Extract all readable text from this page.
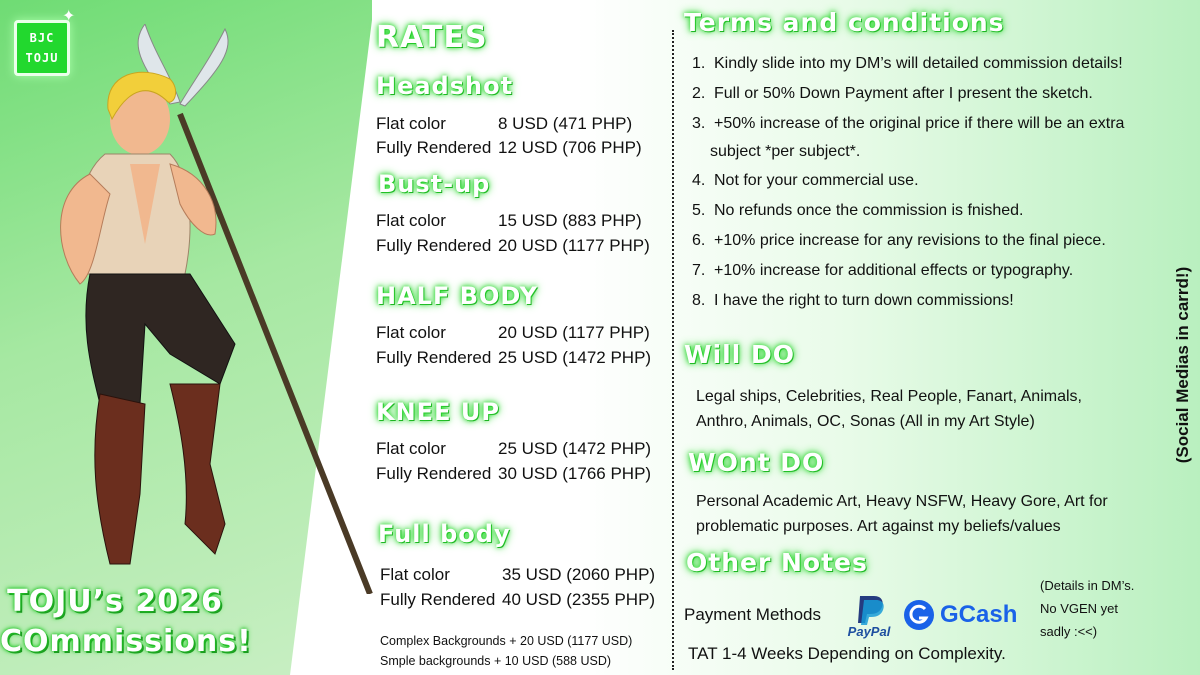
BJC
TOJU
✦
TOJU’s 2026
COmmissions!
RATES
Headshot
Flat color	8 USD (471 PHP)
Fully Rendered 12 USD (706 PHP)
Bust-up
Flat color	15 USD (883 PHP)
Fully Rendered 20 USD (1177 PHP)
HALF BODY
Flat color	20 USD (1177 PHP)
Fully Rendered 25 USD (1472 PHP)
KNEE UP
Flat color	25 USD (1472 PHP)
Fully Rendered 30 USD (1766 PHP)
Full body
Flat color	35 USD (2060 PHP)
Fully Rendered 40 USD (2355 PHP)
Complex Backgrounds + 20 USD (1177 USD)
Smple backgrounds + 10 USD (588 USD)
Terms and conditions
1. Kindly slide into my DM’s will detailed commission details!
2. Full or 50% Down Payment after I present the sketch.
3. +50% increase of the original price if there will be an extra
subject *per subject*.
4. Not for your commercial use.
5. No refunds once the commission is fnished.
6. +10% price increase for any revisions to the final piece.
7. +10% increase for additional effects or typography.
8. I have the right to turn down commissions!
Will DO
Legal ships, Celebrities, Real People, Fanart, Animals,
Anthro, Animals, OC, Sonas (All in my Art Style)
WOnt DO
Personal Academic Art, Heavy NSFW, Heavy Gore, Art for
problematic purposes. Art against my beliefs/values
Other Notes
Payment Methods
PayPal
GCash
(Details in DM’s.
No VGEN yet
sadly :<<)
TAT 1-4 Weeks Depending on Complexity.
(Social Medias in carrd!)
